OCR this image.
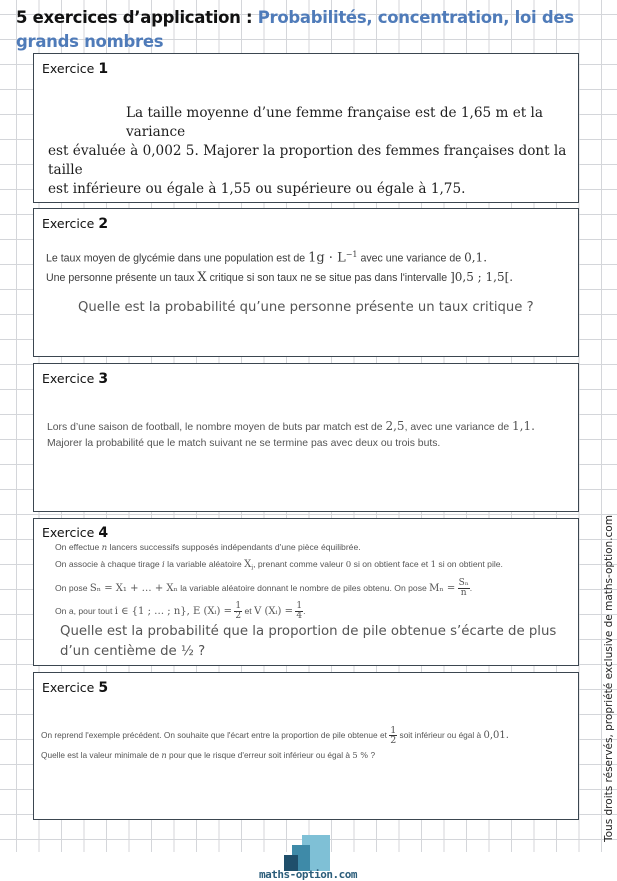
5 exercices d’application : Probabilités, concentration, loi des grands nombres
Exercice 1
La taille moyenne d’une femme française est de 1,65 m et la variance
est évaluée à 0,002 5. Majorer la proportion des femmes françaises dont la taille
est inférieure ou égale à 1,55 ou supérieure ou égale à 1,75.
Exercice 2
Le taux moyen de glycémie dans une population est de $1g \cdot L^{-1}$ avec une variance de 0,1.
Une personne présente un taux X critique si son taux ne se situe pas dans l'intervalle ]0,5 ; 1,5[.
Quelle est la probabilité qu’une personne présente un taux critique ?
Exercice 3
Lors d’une saison de football, le nombre moyen de buts par match est de 2,5, avec une variance de 1,1.
Majorer la probabilité que le match suivant ne se termine pas avec deux ou trois buts.
Exercice 4
On effectue n lancers successifs supposés indépendants d'une pièce équilibrée.
On associe à chaque tirage i la variable aléatoire $X_i$, prenant comme valeur 0 si on obtient face et 1 si on obtient pile.
On pose Sₙ = X₁ + … + Xₙ la variable aléatoire donnant le nombre de piles obtenu. On pose $M_n = \frac{\text{Sₙ}}{n}$ .
On a, pour tout i ∈ {1 ; … ; n}, E (Xᵢ) = $\frac{1}{2}$ et V (Xᵢ) = $\frac{1}{4}$ .
Quelle est la probabilité que la proportion de pile obtenue s’écarte de plus
d’un centième de ½ ?
Exercice 5
On reprend l'exemple précédent. On souhaite que l'écart entre la proportion de pile obtenue et $\frac{1}{2}$ soit inférieur ou égal à 0,01.
Quelle est la valeur minimale de n pour que le risque d'erreur soit inférieur ou égal à 5 % ?	Tous droits réservés, propriété exclusive de maths-option.com
maths-option.com
